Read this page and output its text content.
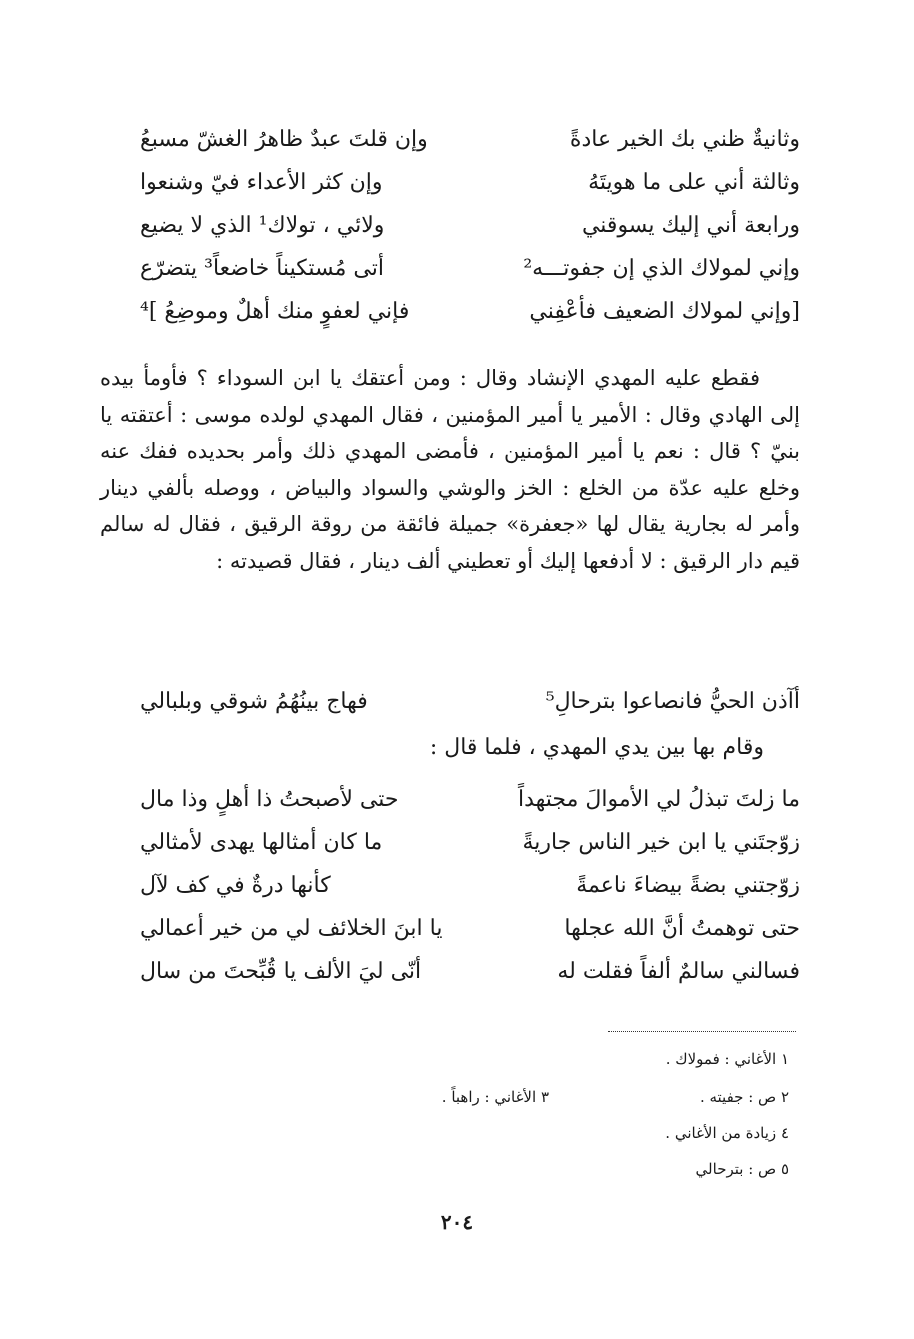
وثانيةٌ ظني بك الخير عادةً
وإن قلتَ عبدٌ ظاهرُ الغشّ مسبعُ
وثالثة أني على ما هويتَهُ
وإن كثر الأعداء فيّ وشنعوا
ورابعة أني إليك يسوقني
ولائي ، تولاك¹ الذي لا يضيع
وإني لمولاك الذي إن جفوتـــه²
أتى مُستكيناً خاضعاً³ يتضرّع
[وإني لمولاك الضعيف فأعْفِني
فإني لعفوٍ منك أهلٌ وموضِعُ ]⁴

فقطع عليه المهدي الإنشاد وقال : ومن أعتقك يا ابن السوداء ؟ فأومأ بيده إلى الهادي وقال : الأمير يا أمير المؤمنين ، فقال المهدي لولده موسى : أعتقته يا بنيّ ؟ قال : نعم يا أمير المؤمنين ، فأمضى المهدي ذلك وأمر بحديده ففك عنه وخلع عليه عدّة من الخلع : الخز والوشي والسواد والبياض ، ووصله بألفي دينار وأمر له بجارية يقال لها «جعفرة» جميلة فائقة من روقة الرقيق ، فقال له سالم قيم دار الرقيق : لا أدفعها إليك أو تعطيني ألف دينار ، فقال قصيدته :

أآذن الحيُّ فانصاعوا بترحالِ⁵
فهاج بينُهُمُ شوقي وبلبالي
وقام بها بين يدي المهدي ، فلما قال :
ما زلتَ تبذلُ لي الأموالَ مجتهداً
حتى لأصبحتُ ذا أهلٍ وذا مال
زوّجتَني يا ابن خير الناس جاريةً
ما كان أمثالها يهدى لأمثالي
زوّجتني بضةً بيضاءَ ناعمةً
كأنها درةٌ في كف لآل
حتى توهمتُ أنَّ الله عجلها
يا ابنَ الخلائف لي من خير أعمالي
فسالني سالمٌ ألفاً فقلت له
أنّى ليَ الألف يا قُبِّحتَ من سال
١ الأغاني : فمولاك .
٢ ص : جفيته .
٣ الأغاني : راهباً .
٤ زيادة من الأغاني .
٥ ص : بترحالي
٢٠٤
